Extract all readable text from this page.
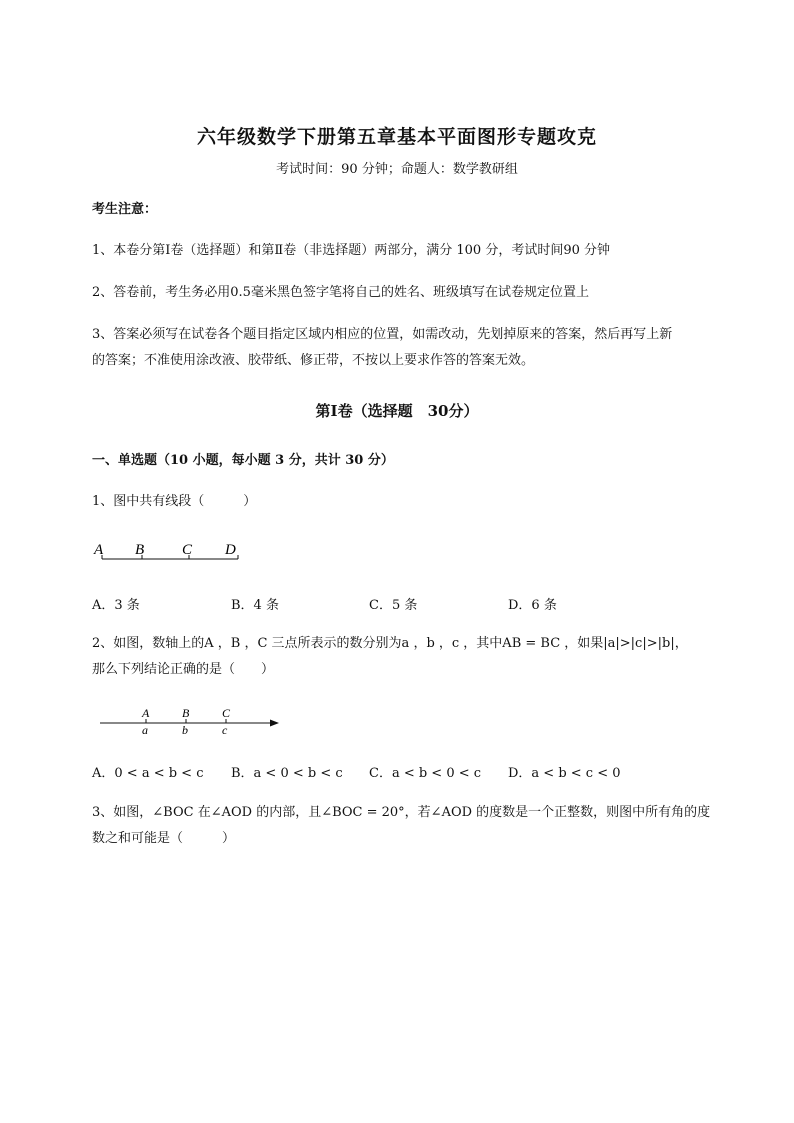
六年级数学下册第五章基本平面图形专题攻克
考试时间：90 分钟；命题人：数学教研组
考生注意：
1、本卷分第Ⅰ卷（选择题）和第Ⅱ卷（非选择题）两部分，满分 100 分，考试时间90 分钟
2、答卷前，考生务必用0.5毫米黑色签字笔将自己的姓名、班级填写在试卷规定位置上
3、答案必须写在试卷各个题目指定区域内相应的位置，如需改动，先划掉原来的答案，然后再写上新
的答案；不准使用涂改液、胶带纸、修正带，不按以上要求作答的答案无效。
第Ⅰ卷（选择题　30分）
一、单选题（10 小题，每小题 3 分，共计 30 分）
1、图中共有线段（　　　）
A B	C D
A．3 条	B．4 条	C．5 条	D．6 条
2、如图，数轴上的A ，B ，C 三点所表示的数分别为a ，b ，c ，其中AB = BC ，如果|a|>|c|>|b|，
那么下列结论正确的是（　　）
A	B	C
a	b	c
A．0 < a < b < c B．a < 0 < b < c C．a < b < 0 < c D．a < b < c < 0
3、如图，∠BOC 在∠AOD 的内部，且∠BOC = 20°，若∠AOD 的度数是一个正整数，则图中所有角的度
数之和可能是（　　　）
